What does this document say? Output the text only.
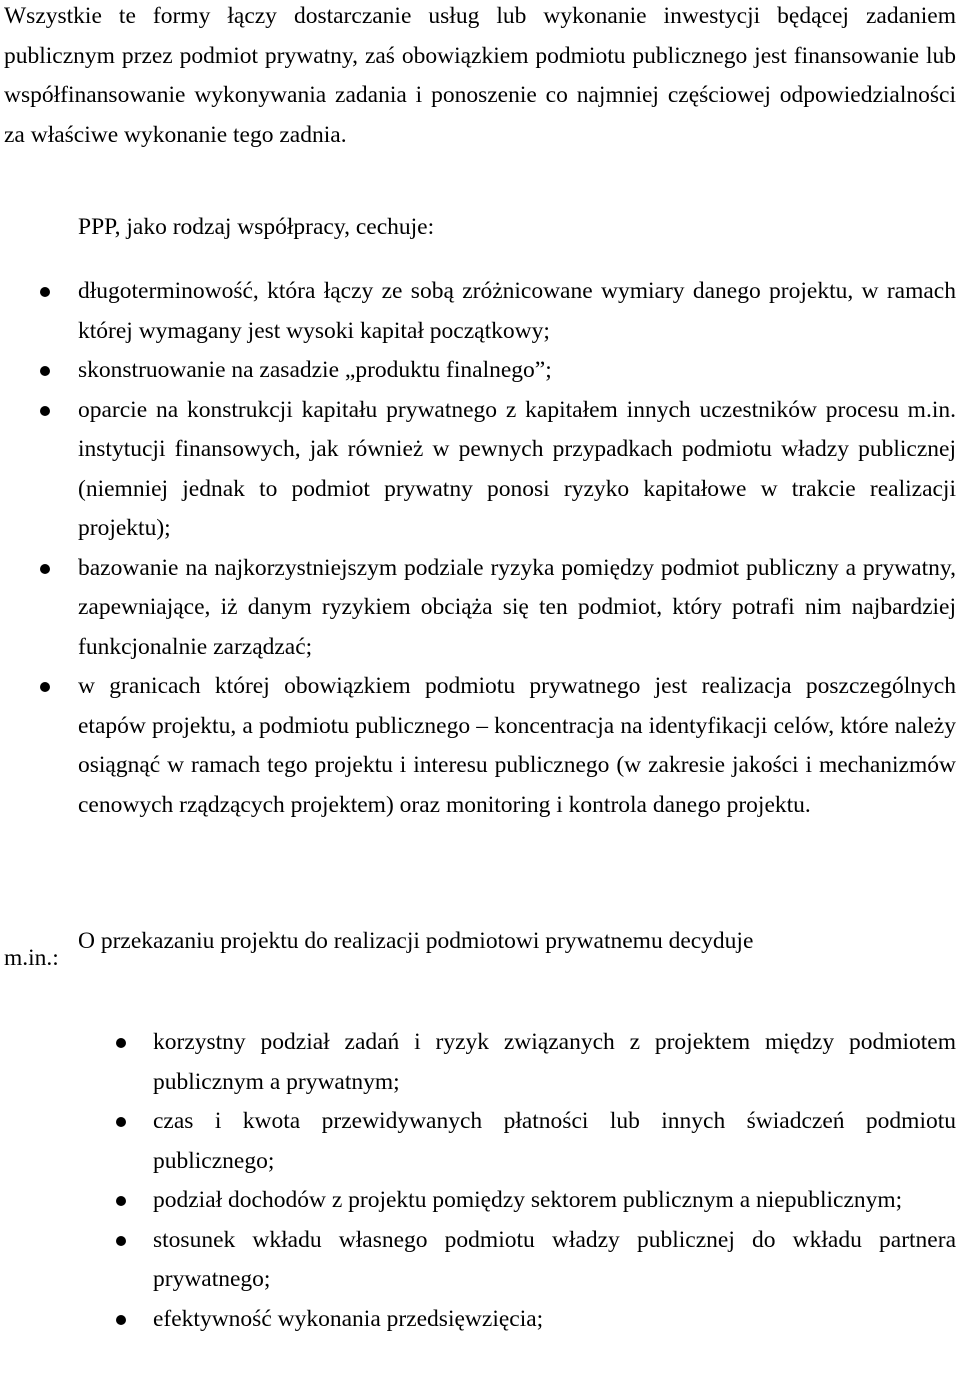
Wszystkie te formy łączy dostarczanie usług lub wykonanie inwestycji będącej zadaniem publicznym przez podmiot prywatny, zaś obowiązkiem podmiotu publicznego jest finansowanie lub współfinansowanie wykonywania zadania i ponoszenie co najmniej częściowej odpowiedzialności za właściwe wykonanie tego zadnia.

PPP, jako rodzaj współpracy, cechuje:

długoterminowość, która łączy ze sobą zróżnicowane wymiary danego projektu, w ramach której wymagany jest wysoki kapitał początkowy;
skonstruowanie na zasadzie „produktu finalnego”;
oparcie na konstrukcji kapitału prywatnego z kapitałem innych uczestników procesu m.in. instytucji finansowych, jak również w pewnych przypadkach podmiotu władzy publicznej (niemniej jednak to podmiot prywatny ponosi ryzyko kapitałowe w trakcie realizacji projektu);
bazowanie na najkorzystniejszym podziale ryzyka pomiędzy podmiot publiczny a prywatny, zapewniające, iż danym ryzykiem obciąża się ten podmiot, który potrafi nim najbardziej funkcjonalnie zarządzać;
w granicach której obowiązkiem podmiotu prywatnego jest realizacja poszczególnych etapów projektu, a podmiotu publicznego – koncentracja na identyfikacji celów, które należy osiągnąć w ramach tego projektu i interesu publicznego (w zakresie jakości i mechanizmów cenowych rządzących projektem) oraz monitoring i kontrola danego projektu.

O przekazaniu projektu do realizacji podmiotowi prywatnemu decyduje

m.in.:

korzystny podział zadań i ryzyk związanych z projektem między podmiotem publicznym a prywatnym;
czas i kwota przewidywanych płatności lub innych świadczeń podmiotu publicznego;
podział dochodów z projektu pomiędzy sektorem publicznym a niepublicznym;
stosunek wkładu własnego podmiotu władzy publicznej do wkładu partnera prywatnego;
efektywność wykonania przedsięwzięcia;
